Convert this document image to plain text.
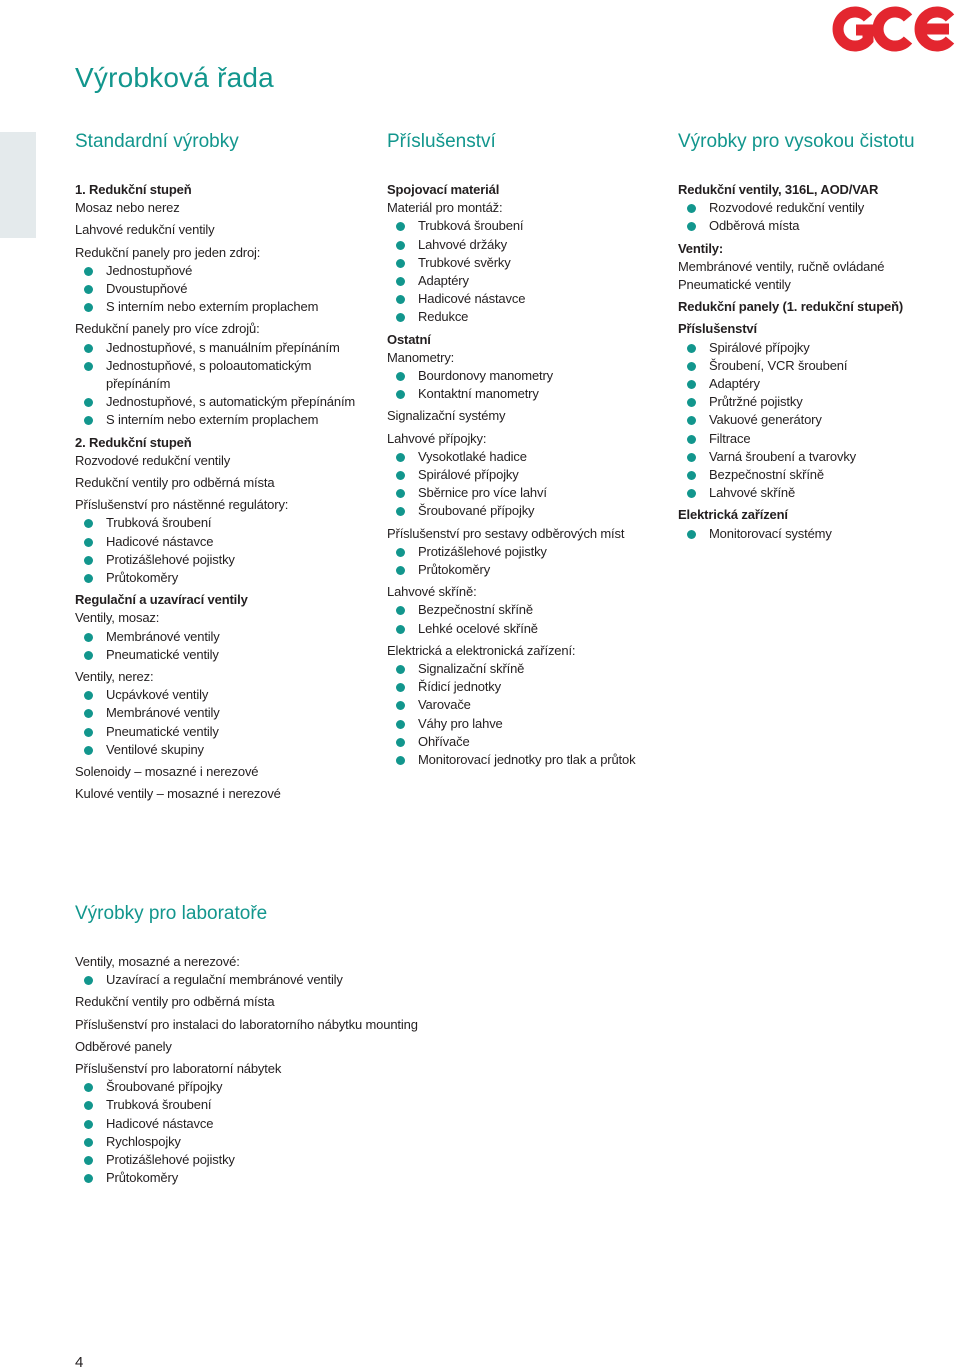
Výrobková řada
Standardní výrobky
1. Redukční stupeň
Mosaz nebo nerez
Lahvové redukční ventily
Redukční panely pro jeden zdroj:
Jednostupňové
Dvoustupňové
S interním nebo externím proplachem
Redukční panely pro více zdrojů:
Jednostupňové, s manuálním přepínáním
Jednostupňové, s poloautomatickým přepínáním
Jednostupňové, s automatickým přepínáním
S interním nebo externím proplachem
2. Redukční stupeň
Rozvodové redukční ventily
Redukční ventily pro odběrná místa
Příslušenství pro nástěnné regulátory:
Trubková šroubení
Hadicové nástavce
Protizášlehové pojistky
Průtokoměry
Regulační a uzavírací ventily
Ventily, mosaz:
Membránové ventily
Pneumatické ventily
Ventily, nerez:
Ucpávkové ventily
Membránové ventily
Pneumatické ventily
Ventilové skupiny
Solenoidy – mosazné i nerezové
Kulové ventily – mosazné i nerezové
Příslušenství
Spojovací materiál
Materiál pro montáž:
Trubková šroubení
Lahvové držáky
Trubkové svěrky
Adaptéry
Hadicové nástavce
Redukce
Ostatní
Manometry:
Bourdonovy manometry
Kontaktní manometry
Signalizační systémy
Lahvové přípojky:
Vysokotlaké hadice
Spirálové přípojky
Sběrnice pro více lahví
Šroubované přípojky
Příslušenství pro sestavy odběrových míst
Protizášlehové pojistky
Průtokoměry
Lahvové skříně:
Bezpečnostní skříně
Lehké ocelové skříně
Elektrická a elektronická zařízení:
Signalizační skříně
Řídicí jednotky
Varovače
Váhy pro lahve
Ohřívače
Monitorovací jednotky pro tlak a průtok
Výrobky pro vysokou čistotu
Redukční ventily, 316L, AOD/VAR
Rozvodové redukční ventily
Odběrová místa
Ventily:
Membránové ventily, ručně ovládané
Pneumatické ventily
Redukční panely (1. redukční stupeň)
Příslušenství
Spirálové přípojky
Šroubení, VCR šroubení
Adaptéry
Průtržné pojistky
Vakuové generátory
Filtrace
Varná šroubení a tvarovky
Bezpečnostní skříně
Lahvové skříně
Elektrická zařízení
Monitorovací systémy
Výrobky pro laboratoře
Ventily, mosazné a nerezové:
Uzavírací a regulační membránové ventily
Redukční ventily pro odběrná místa
Příslušenství pro instalaci do laboratorního nábytku mounting
Odběrové panely
Příslušenství pro laboratorní nábytek
Šroubované přípojky
Trubková šroubení
Hadicové nástavce
Rychlospojky
Protizášlehové pojistky
Průtokoměry
4
